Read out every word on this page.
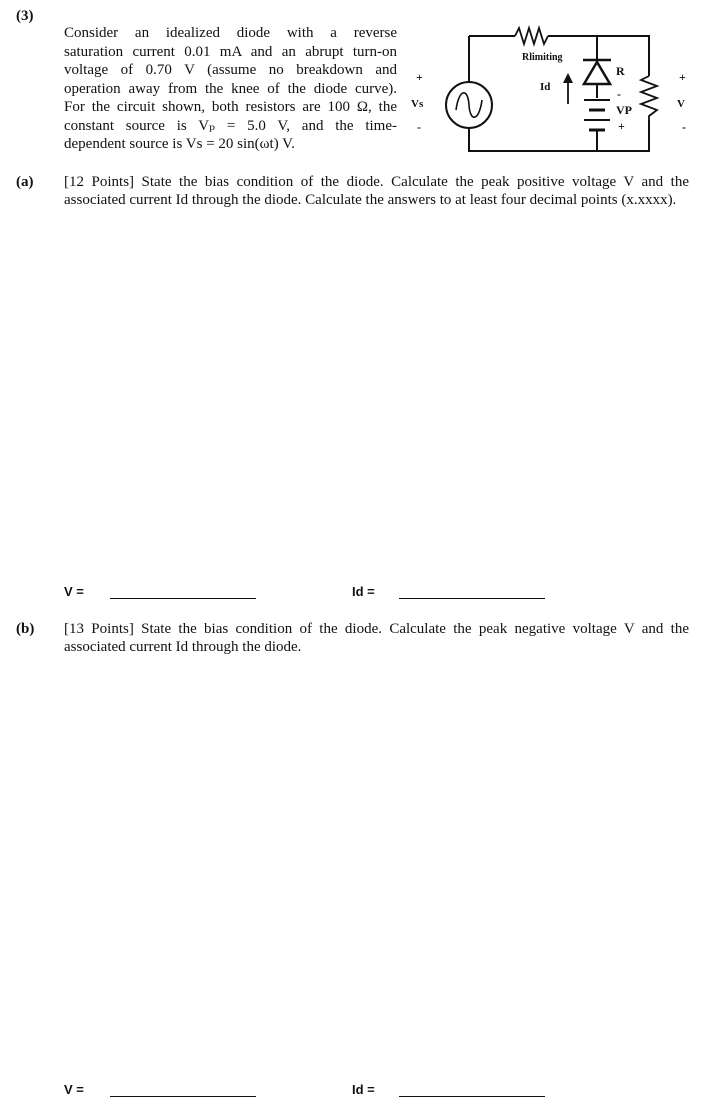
(3)
Consider an idealized diode with a reverse
saturation current 0.01 mA and an abrupt turn-on
voltage of 0.70 V (assume no breakdown and
operation away from the knee of the diode curve).
For the circuit shown, both resistors are 100 Ω, the
constant source is Vₚ = 5.0 V, and the time-
dependent source is Vs = 20 sin(ωt) V.
Rlimiting
+
Vs
-
Id	-
VP
+
R	+
V
-
(a) [12 Points] State the bias condition of the diode. Calculate the peak positive voltage V and the associated current Id through the diode. Calculate the answers to at least four decimal points (x.xxxx).
V =	Id =
(b) [13 Points] State the bias condition of the diode. Calculate the peak negative voltage V and the associated current Id through the diode.
V =	Id =
